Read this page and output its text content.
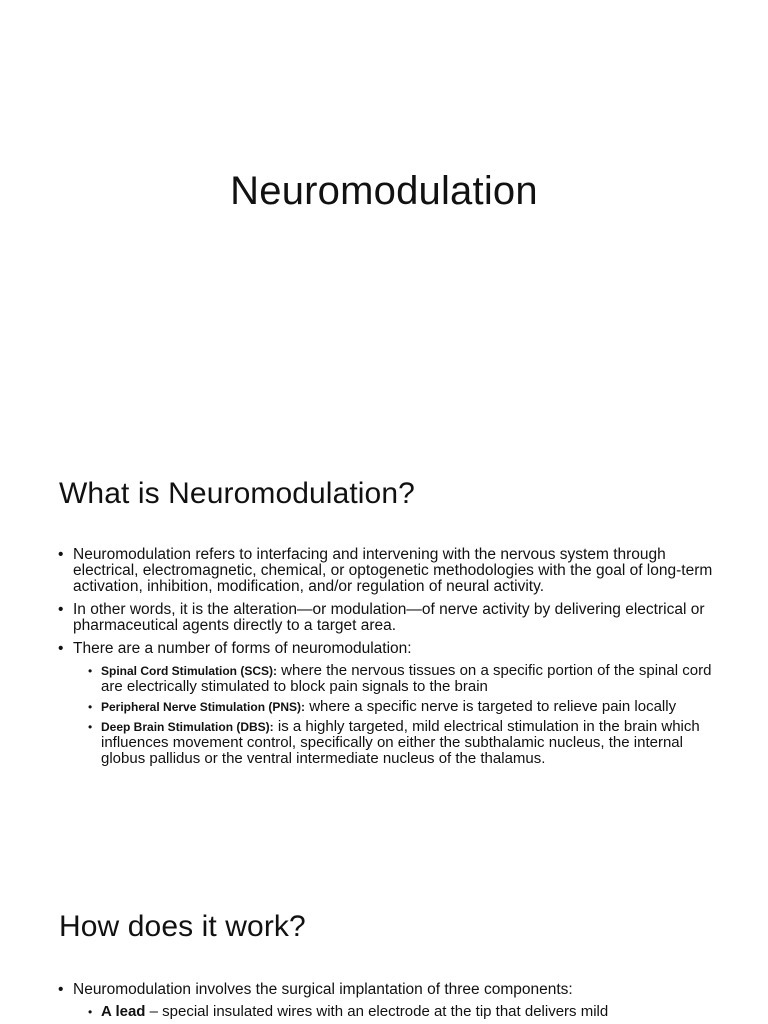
Neuromodulation
What is Neuromodulation?
• Neuromodulation refers to interfacing and intervening with the nervous system through electrical, electromagnetic, chemical, or optogenetic methodologies with the goal of long-term activation, inhibition, modification, and/or regulation of neural activity.
• In other words, it is the alteration—or modulation—of nerve activity by delivering electrical or pharmaceutical agents directly to a target area.
• There are a number of forms of neuromodulation:
• Spinal Cord Stimulation (SCS): where the nervous tissues on a specific portion of the spinal cord are electrically stimulated to block pain signals to the brain
• Peripheral Nerve Stimulation (PNS): where a specific nerve is targeted to relieve pain locally
• Deep Brain Stimulation (DBS): is a highly targeted, mild electrical stimulation in the brain which influences movement control, specifically on either the subthalamic nucleus, the internal globus pallidus or the ventral intermediate nucleus of the thalamus.
How does it work?
• Neuromodulation involves the surgical implantation of three components:
• A lead – special insulated wires with an electrode at the tip that delivers mild
